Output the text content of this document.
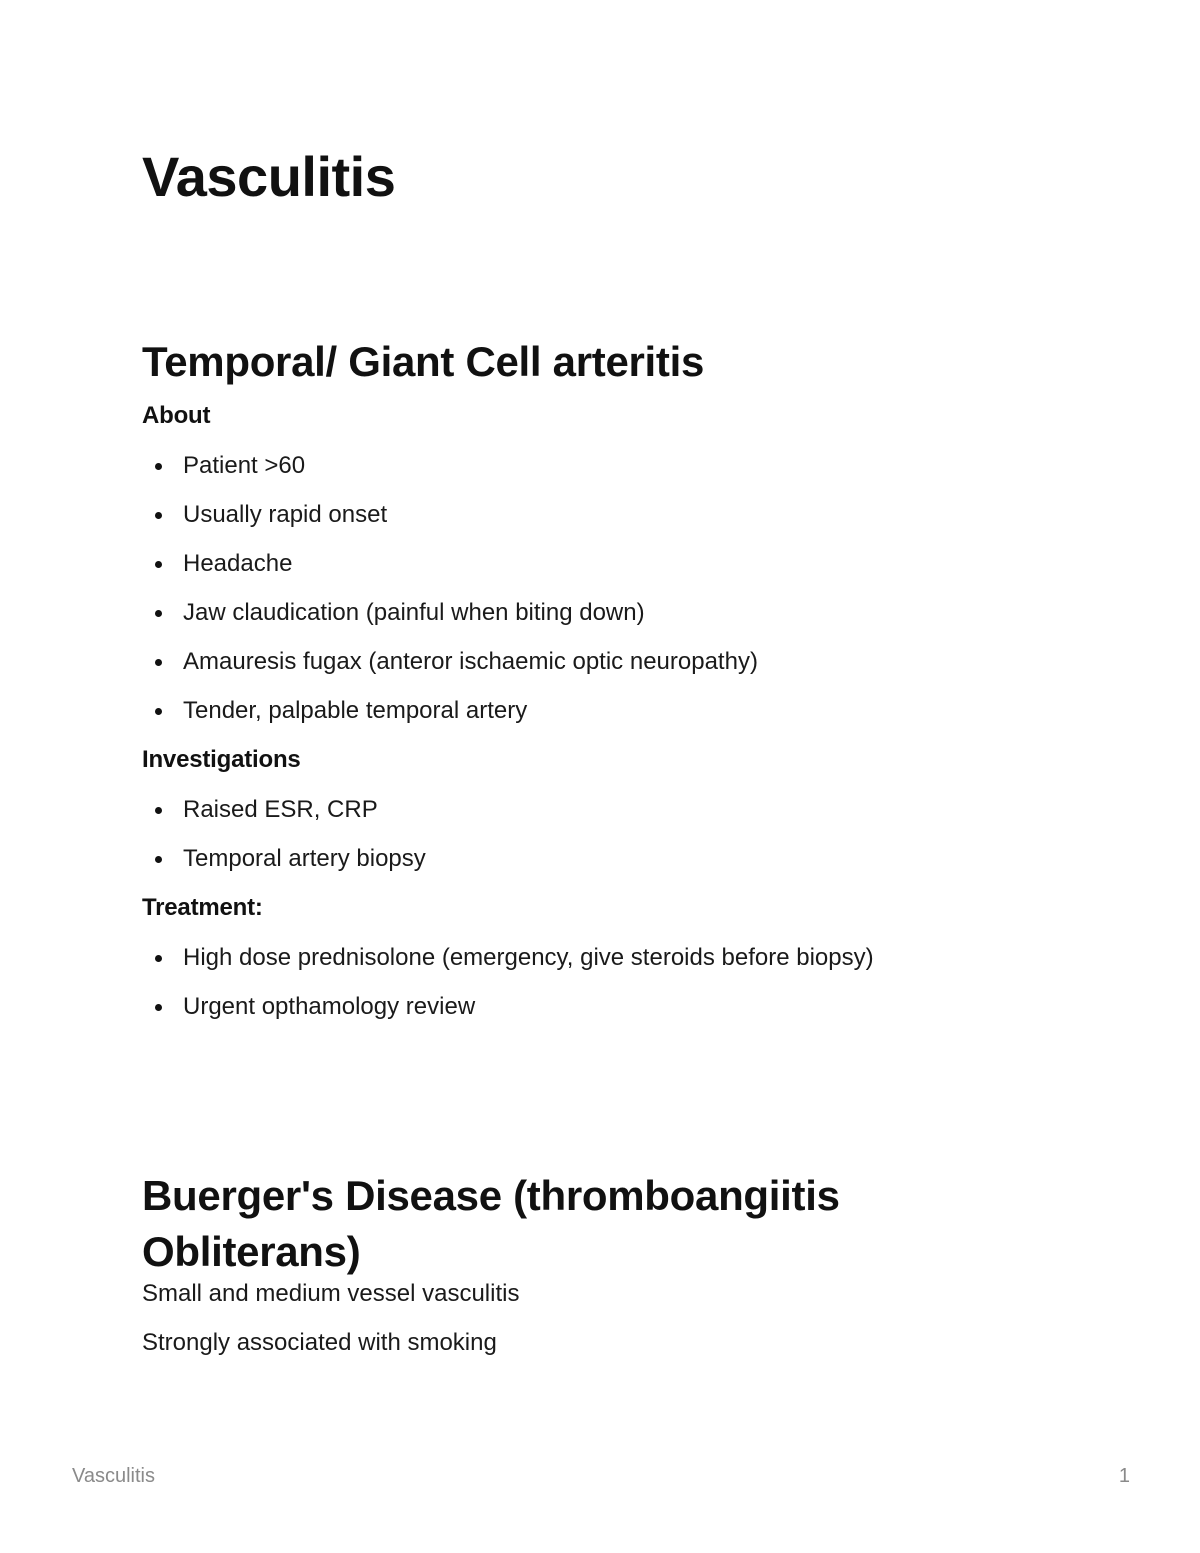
Vasculitis
Temporal/ Giant Cell arteritis
About
Patient >60
Usually rapid onset
Headache
Jaw claudication (painful when biting down)
Amauresis fugax (anteror ischaemic optic neuropathy)
Tender, palpable temporal artery
Investigations
Raised ESR, CRP
Temporal artery biopsy
Treatment:
High dose prednisolone (emergency, give steroids before biopsy)
Urgent opthamology review
Buerger's Disease (thromboangiitis
Obliterans)

Small and medium vessel vasculitis

Strongly associated with smoking

Vasculitis	1
